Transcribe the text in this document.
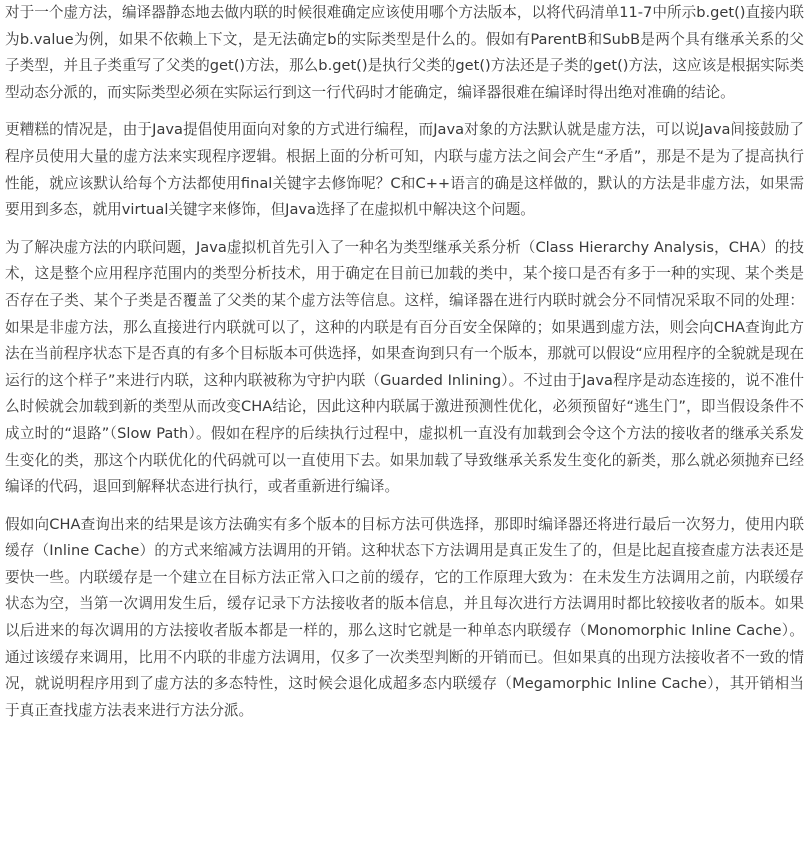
对于一个虚方法，编译器静态地去做内联的时候很难确定应该使用哪个方法版本，以将代码清单11-7中所示b.get()直接内联为b.value为例，如果不依赖上下文，是无法确定b的实际类型是什么的。假如有ParentB和SubB是两个具有继承关系的父子类型，并且子类重写了父类的get()方法，那么b.get()是执行父类的get()方法还是子类的get()方法，这应该是根据实际类型动态分派的，而实际类型必须在实际运行到这一行代码时才能确定，编译器很难在编译时得出绝对准确的结论。

更糟糕的情况是，由于Java提倡使用面向对象的方式进行编程，而Java对象的方法默认就是虚方法，可以说Java间接鼓励了程序员使用大量的虚方法来实现程序逻辑。根据上面的分析可知，内联与虚方法之间会产生“矛盾”，那是不是为了提高执行性能，就应该默认给每个方法都使用final关键字去修饰呢？C和C++语言的确是这样做的，默认的方法是非虚方法，如果需要用到多态，就用virtual关键字来修饰，但Java选择了在虚拟机中解决这个问题。

为了解决虚方法的内联问题，Java虚拟机首先引入了一种名为类型继承关系分析（Class Hierarchy Analysis，CHA）的技术，这是整个应用程序范围内的类型分析技术，用于确定在目前已加载的类中，某个接口是否有多于一种的实现、某个类是否存在子类、某个子类是否覆盖了父类的某个虚方法等信息。这样，编译器在进行内联时就会分不同情况采取不同的处理：如果是非虚方法，那么直接进行内联就可以了，这种的内联是有百分百安全保障的；如果遇到虚方法，则会向CHA查询此方法在当前程序状态下是否真的有多个目标版本可供选择，如果查询到只有一个版本，那就可以假设“应用程序的全貌就是现在运行的这个样子”来进行内联，这种内联被称为守护内联（Guarded Inlining）。不过由于Java程序是动态连接的，说不准什么时候就会加载到新的类型从而改变CHA结论，因此这种内联属于激进预测性优化，必须预留好“逃生门”，即当假设条件不成立时的“退路”（Slow Path）。假如在程序的后续执行过程中，虚拟机一直没有加载到会令这个方法的接收者的继承关系发生变化的类，那这个内联优化的代码就可以一直使用下去。如果加载了导致继承关系发生变化的新类，那么就必须抛弃已经编译的代码，退回到解释状态进行执行，或者重新进行编译。

假如向CHA查询出来的结果是该方法确实有多个版本的目标方法可供选择，那即时编译器还将进行最后一次努力，使用内联缓存（Inline Cache）的方式来缩减方法调用的开销。这种状态下方法调用是真正发生了的，但是比起直接查虚方法表还是要快一些。内联缓存是一个建立在目标方法正常入口之前的缓存，它的工作原理大致为：在未发生方法调用之前，内联缓存状态为空，当第一次调用发生后，缓存记录下方法接收者的版本信息，并且每次进行方法调用时都比较接收者的版本。如果以后进来的每次调用的方法接收者版本都是一样的，那么这时它就是一种单态内联缓存（Monomorphic Inline Cache）。通过该缓存来调用，比用不内联的非虚方法调用，仅多了一次类型判断的开销而已。但如果真的出现方法接收者不一致的情况，就说明程序用到了虚方法的多态特性，这时候会退化成超多态内联缓存（Megamorphic Inline Cache），其开销相当于真正查找虚方法表来进行方法分派。
